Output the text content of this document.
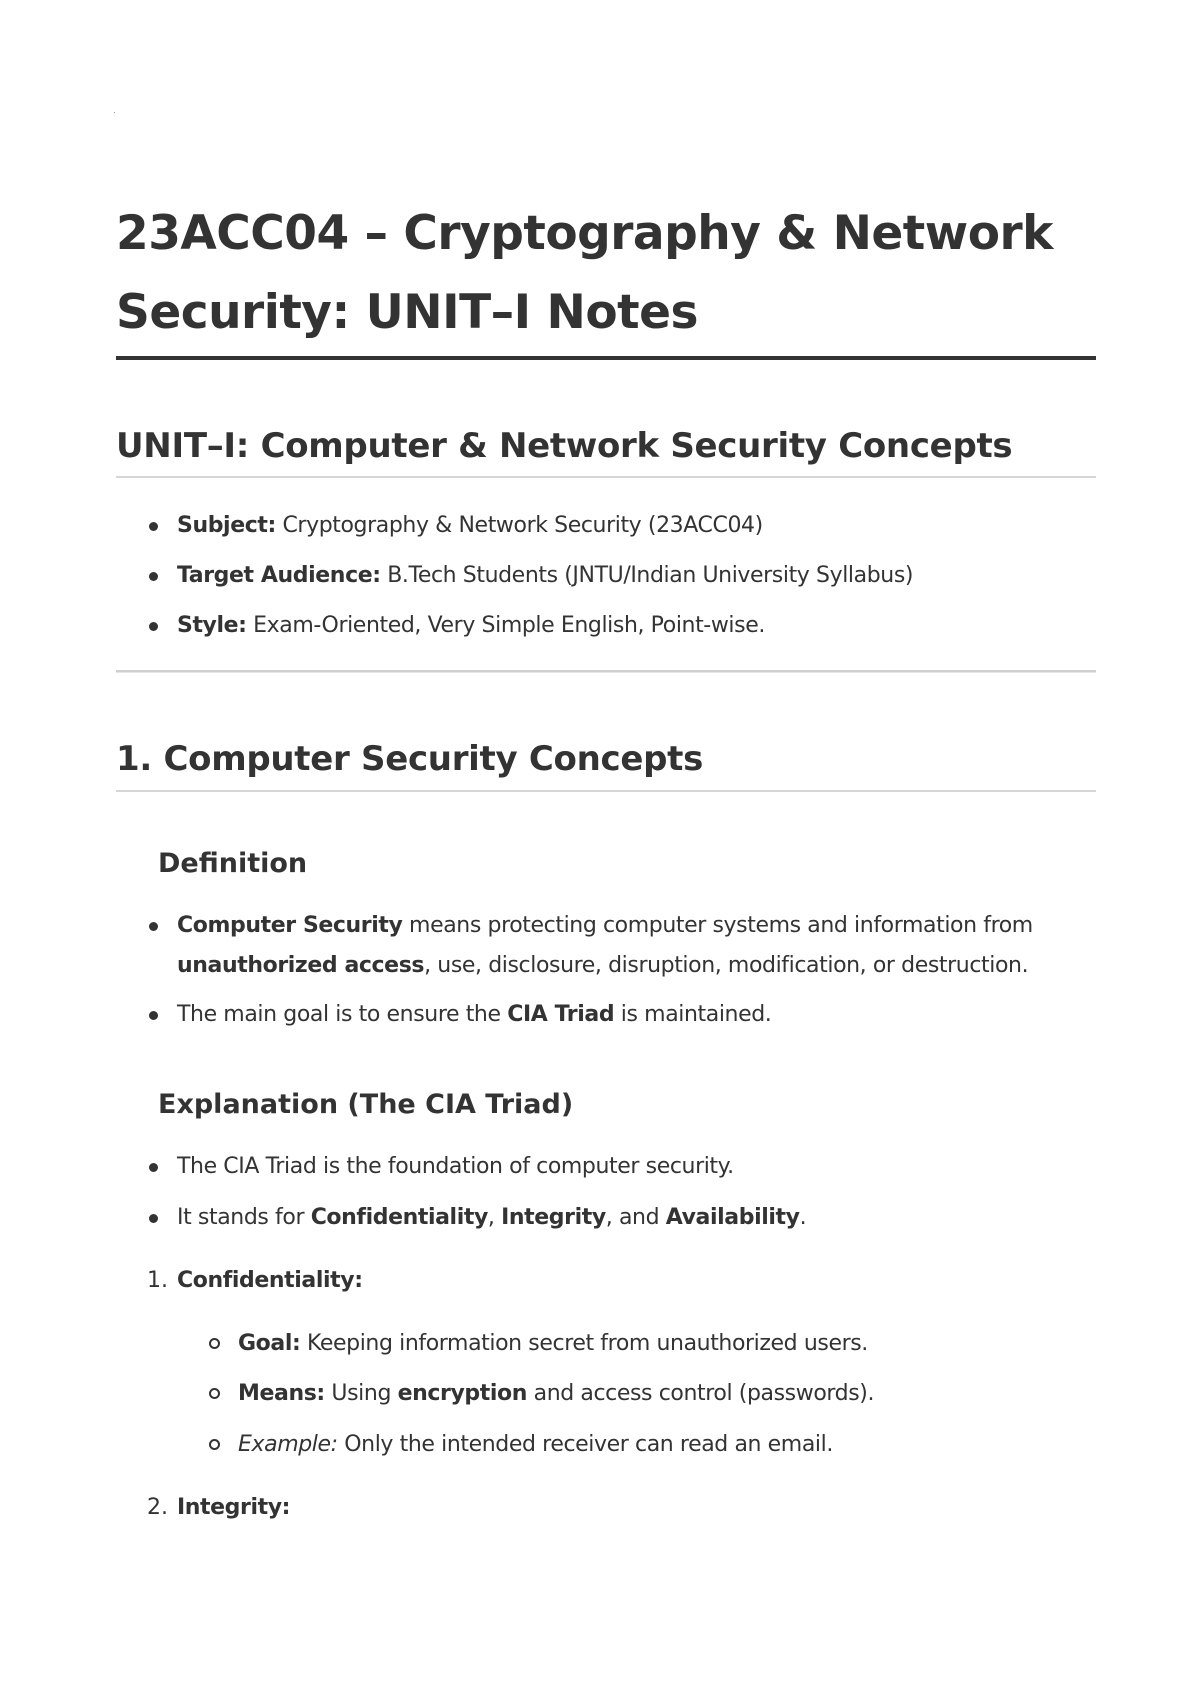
23ACC04 – Cryptography & Network Security: UNIT–I Notes
UNIT–I: Computer & Network Security Concepts

Subject: Cryptography & Network Security (23ACC04)

Target Audience: B.Tech Students (JNTU/Indian University Syllabus)

Style: Exam-Oriented, Very Simple English, Point-wise.

1. Computer Security Concepts
Definition

Computer Security means protecting computer systems and information from

unauthorized access, use, disclosure, disruption, modification, or destruction.

The main goal is to ensure the CIA Triad is maintained.

Explanation (The CIA Triad)

The CIA Triad is the foundation of computer security.

It stands for Confidentiality, Integrity, and Availability.

1. Confidentiality:

Goal: Keeping information secret from unauthorized users.

Means: Using encryption and access control (passwords).

Example: Only the intended receiver can read an email.

2. Integrity:
